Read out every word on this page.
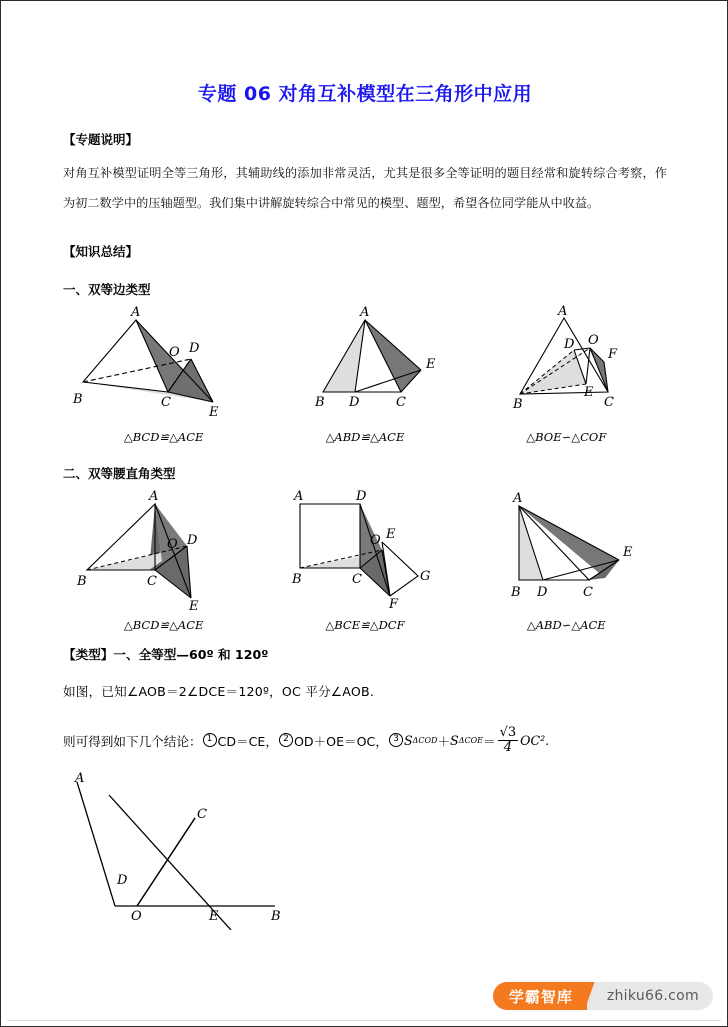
专题 06 对角互补模型在三角形中应用
【专题说明】
对角互补模型证明全等三角形，其辅助线的添加非常灵活，尤其是很多全等证明的题目经常和旋转综合考察，作为初二数学中的压轴题型。我们集中讲解旋转综合中常见的模型、题型，希望各位同学能从中收益。
【知识总结】
一、双等边类型
A
B	C
D
E
O
A
B	C
D
E
A
B	C
D
E
F
O
△BCD≌△ACE	△ABD≌△ACE	△BOE∽△COF
二、双等腰直角类型
A
B	C
D
E
O
A
B	C
D
E
F
G
O
A
B	C
D
E
△BCD≌△ACE	△BCE≌△DCF	△ABD∽△ACE
【类型】一、全等型—60º 和 120º
如图，已知∠AOB＝2∠DCE＝120º，OC 平分∠AOB.
则可得到如下几个结论： 1 CD＝CE， 2 OD＋OE＝OC， 3 S ΔCOD ＋ S $\Delta COE = \frac{√3}{4} OC^2$ .
A
B
C
D
E
O
学霸智库	zhiku66.com
